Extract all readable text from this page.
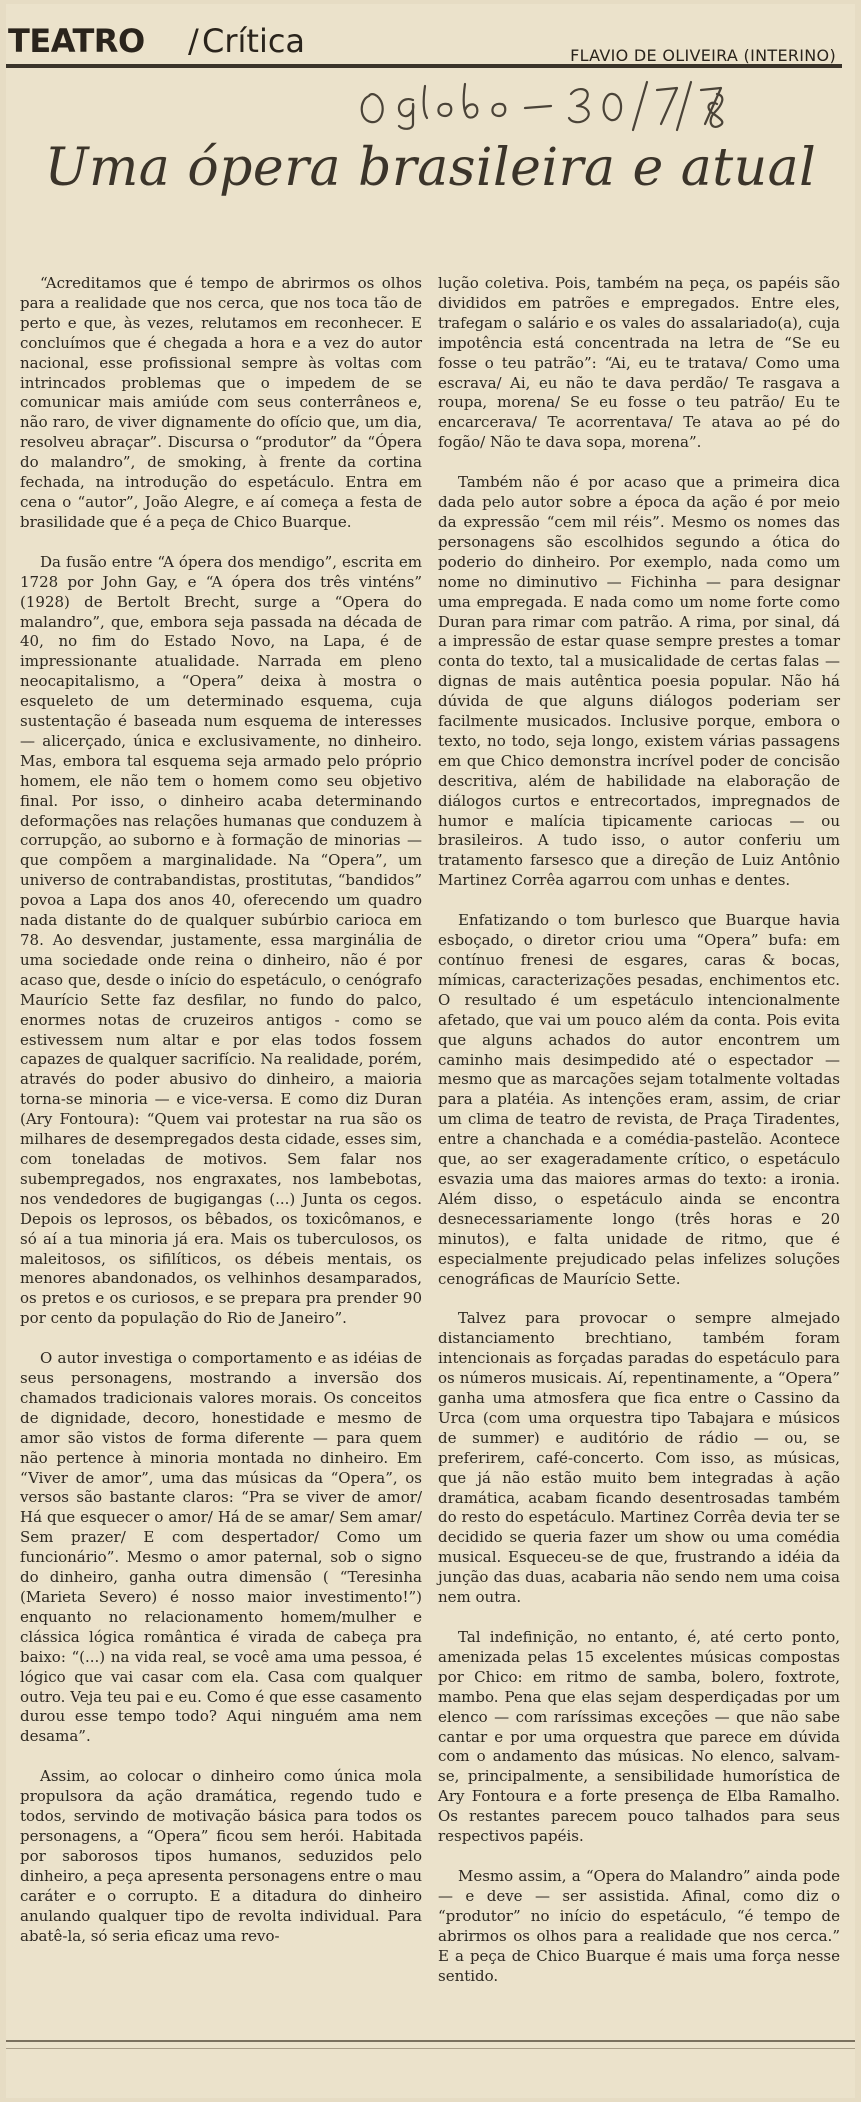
TEATRO / Crítica	FLAVIO DE OLIVEIRA (INTERINO)
Uma ópera brasileira e atual

“Acreditamos que é tempo de abrirmos os olhos para a realidade que nos cerca, que nos toca tão de perto e que, às vezes, relutamos em reconhecer. E concluímos que é chegada a hora e a vez do autor nacional, esse profissional sempre às voltas com intrincados problemas que o impedem de se comunicar mais amiúde com seus conterrâneos e, não raro, de viver dignamente do ofício que, um dia, resolveu abraçar”. Discursa o “produtor” da “Ópera do malandro”, de smoking, à frente da cortina fechada, na introdução do espetáculo. Entra em cena o “autor”, João Alegre, e aí começa a festa de brasilidade que é a peça de Chico Buarque.

Da fusão entre “A ópera dos mendigo”, escrita em 1728 por John Gay, e “A ópera dos três vinténs” (1928) de Bertolt Brecht, surge a “Opera do malandro”, que, embora seja passada na década de 40, no fim do Estado Novo, na Lapa, é de impressionante atualidade. Narrada em pleno neocapitalismo, a “Opera” deixa à mostra o esqueleto de um determinado esquema, cuja sustentação é baseada num esquema de interesses — alicerçado, única e exclusivamente, no dinheiro. Mas, embora tal esquema seja armado pelo próprio homem, ele não tem o homem como seu objetivo final. Por isso, o dinheiro acaba determinando deformações nas relações humanas que conduzem à corrupção, ao suborno e à formação de minorias — que compõem a marginalidade. Na “Opera”, um universo de contrabandistas, prostitutas, “bandidos” povoa a Lapa dos anos 40, oferecendo um quadro nada distante do de qualquer subúrbio carioca em 78. Ao desvendar, justamente, essa marginália de uma sociedade onde reina o dinheiro, não é por acaso que, desde o início do espetáculo, o cenógrafo Maurício Sette faz desfilar, no fundo do palco, enormes notas de cruzeiros antigos - como se estivessem num altar e por elas todos fossem capazes de qualquer sacrifício. Na realidade, porém, através do poder abusivo do dinheiro, a maioria torna-se minoria — e vice-versa. E como diz Duran (Ary Fontoura): “Quem vai protestar na rua são os milhares de desempregados desta cidade, esses sim, com toneladas de motivos. Sem falar nos subempregados, nos engraxates, nos lambebotas, nos vendedores de bugigangas (...) Junta os cegos. Depois os leprosos, os bêbados, os toxicômanos, e só aí a tua minoria já era. Mais os tuberculosos, os maleitosos, os sifilíticos, os débeis mentais, os menores abandonados, os velhinhos desamparados, os pretos e os curiosos, e se prepara pra prender 90 por cento da população do Rio de Janeiro”.

O autor investiga o comportamento e as idéias de seus personagens, mostrando a inversão dos chamados tradicionais valores morais. Os conceitos de dignidade, decoro, honestidade e mesmo de amor são vistos de forma diferente — para quem não pertence à minoria montada no dinheiro. Em “Viver de amor”, uma das músicas da “Opera”, os versos são bastante claros: “Pra se viver de amor/ Há que esquecer o amor/ Há de se amar/ Sem amar/ Sem prazer/ E com despertador/ Como um funcionário”. Mesmo o amor paternal, sob o signo do dinheiro, ganha outra dimensão ( “Teresinha (Marieta Severo) é nosso maior investimento!”) enquanto no relacionamento homem/mulher e clássica lógica romântica é virada de cabeça pra baixo: “(...) na vida real, se você ama uma pessoa, é lógico que vai casar com ela. Casa com qualquer outro. Veja teu pai e eu. Como é que esse casamento durou esse tempo todo? Aqui ninguém ama nem desama”.

Assim, ao colocar o dinheiro como única mola propulsora da ação dramática, regendo tudo e todos, servindo de motivação básica para todos os personagens, a “Opera” ficou sem herói. Habitada por saborosos tipos humanos, seduzidos pelo dinheiro, a peça apresenta personagens entre o mau caráter e o corrupto. E a ditadura do dinheiro anulando qualquer tipo de revolta individual. Para abatê-la, só seria eficaz uma revo-

lução coletiva. Pois, também na peça, os papéis são divididos em patrões e empregados. Entre eles, trafegam o salário e os vales do assalariado(a), cuja impotência está concentrada na letra de “Se eu fosse o teu patrão”: “Ai, eu te tratava/ Como uma escrava/ Ai, eu não te dava perdão/ Te rasgava a roupa, morena/ Se eu fosse o teu patrão/ Eu te encarcerava/ Te acorrentava/ Te atava ao pé do fogão/ Não te dava sopa, morena”.

Também não é por acaso que a primeira dica dada pelo autor sobre a época da ação é por meio da expressão “cem mil réis”. Mesmo os nomes das personagens são escolhidos segundo a ótica do poderio do dinheiro. Por exemplo, nada como um nome no diminutivo — Fichinha — para designar uma empregada. E nada como um nome forte como Duran para rimar com patrão. A rima, por sinal, dá a impressão de estar quase sempre prestes a tomar conta do texto, tal a musicalidade de certas falas — dignas de mais autêntica poesia popular. Não há dúvida de que alguns diálogos poderiam ser facilmente musicados. Inclusive porque, embora o texto, no todo, seja longo, existem várias passagens em que Chico demonstra incrível poder de concisão descritiva, além de habilidade na elaboração de diálogos curtos e entrecortados, impregnados de humor e malícia tipicamente cariocas — ou brasileiros. A tudo isso, o autor conferiu um tratamento farsesco que a direção de Luiz Antônio Martinez Corrêa agarrou com unhas e dentes.

Enfatizando o tom burlesco que Buarque havia esboçado, o diretor criou uma “Opera” bufa: em contínuo frenesi de esgares, caras & bocas, mímicas, caracterizações pesadas, enchimentos etc. O resultado é um espetáculo intencionalmente afetado, que vai um pouco além da conta. Pois evita que alguns achados do autor encontrem um caminho mais desimpedido até o espectador — mesmo que as marcações sejam totalmente voltadas para a platéia. As intenções eram, assim, de criar um clima de teatro de revista, de Praça Tiradentes, entre a chanchada e a comédia-pastelão. Acontece que, ao ser exageradamente crítico, o espetáculo esvazia uma das maiores armas do texto: a ironia. Além disso, o espetáculo ainda se encontra desnecessariamente longo (três horas e 20 minutos), e falta unidade de ritmo, que é especialmente prejudicado pelas infelizes soluções cenográficas de Maurício Sette.

Talvez para provocar o sempre almejado distanciamento brechtiano, também foram intencionais as forçadas paradas do espetáculo para os números musicais. Aí, repentinamente, a “Opera” ganha uma atmosfera que fica entre o Cassino da Urca (com uma orquestra tipo Tabajara e músicos de summer) e auditório de rádio — ou, se preferirem, café-concerto. Com isso, as músicas, que já não estão muito bem integradas à ação dramática, acabam ficando desentrosadas também do resto do espetáculo. Martinez Corrêa devia ter se decidido se queria fazer um show ou uma comédia musical. Esqueceu-se de que, frustrando a idéia da junção das duas, acabaria não sendo nem uma coisa nem outra.

Tal indefinição, no entanto, é, até certo ponto, amenizada pelas 15 excelentes músicas compostas por Chico: em ritmo de samba, bolero, foxtrote, mambo. Pena que elas sejam desperdiçadas por um elenco — com raríssimas exceções — que não sabe cantar e por uma orquestra que parece em dúvida com o andamento das músicas. No elenco, salvam-se, principalmente, a sensibilidade humorística de Ary Fontoura e a forte presença de Elba Ramalho. Os restantes parecem pouco talhados para seus respectivos papéis.

Mesmo assim, a “Opera do Malandro” ainda pode — e deve — ser assistida. Afinal, como diz o “produtor” no início do espetáculo, “é tempo de abrirmos os olhos para a realidade que nos cerca.” E a peça de Chico Buarque é mais uma força nesse sentido.
